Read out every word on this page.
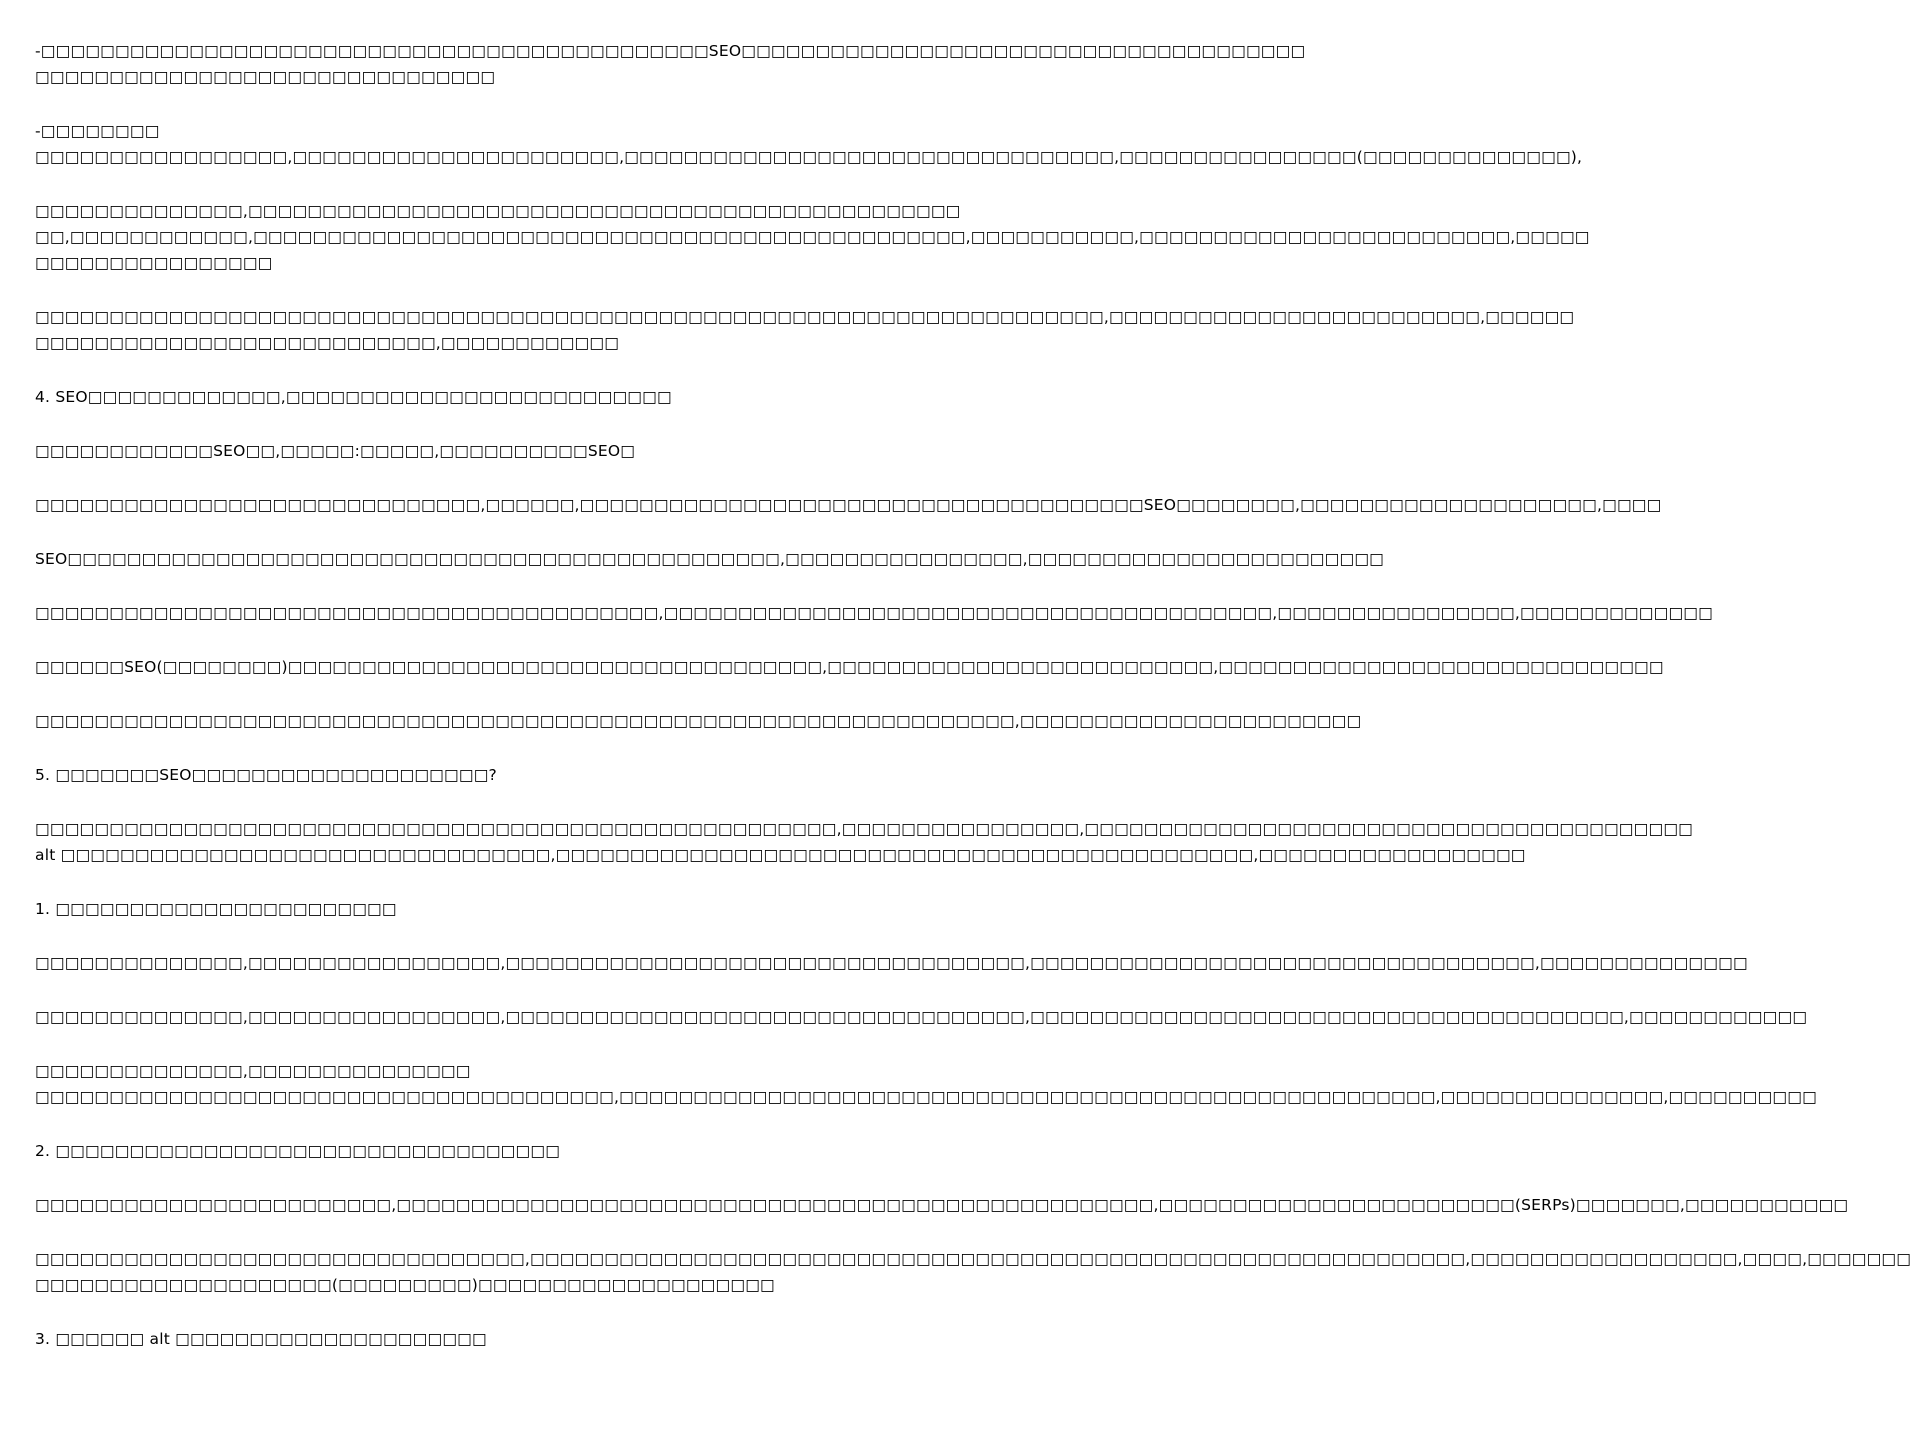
-□□□□□□□□□□□□□□□□□□□□□□□□□□□□□□□□□□□□□□□□□□□□□SEO□□□□□□□□□□□□□□□□□□□□□□□□□□□□□□□□□□□□□□
□□□□□□□□□□□□□□□□□□□□□□□□□□□□□□□
-□□□□□□□□
□□□□□□□□□□□□□□□□□,□□□□□□□□□□□□□□□□□□□□□□,□□□□□□□□□□□□□□□□□□□□□□□□□□□□□□□□□,□□□□□□□□□□□□□□□□(□□□□□□□□□□□□□□),
□□□□□□□□□□□□□□,□□□□□□□□□□□□□□□□□□□□□□□□□□□□□□□□□□□□□□□□□□□□□□□□
□□,□□□□□□□□□□□□,□□□□□□□□□□□□□□□□□□□□□□□□□□□□□□□□□□□□□□□□□□□□□□□□,□□□□□□□□□□□,□□□□□□□□□□□□□□□□□□□□□□□□□,□□□□□
□□□□□□□□□□□□□□□□
□□□□□□□□□□□□□□□□□□□□□□□□□□□□□□□□□□□□□□□□□□□□□□□□□□□□□□□□□□□□□□□□□□□□□□□□,□□□□□□□□□□□□□□□□□□□□□□□□□,□□□□□□
□□□□□□□□□□□□□□□□□□□□□□□□□□□,□□□□□□□□□□□□
4. SEO□□□□□□□□□□□□□,□□□□□□□□□□□□□□□□□□□□□□□□□□
□□□□□□□□□□□□SEO□□,□□□□□:□□□□□,□□□□□□□□□□SEO□
□□□□□□□□□□□□□□□□□□□□□□□□□□□□□□,□□□□□□,□□□□□□□□□□□□□□□□□□□□□□□□□□□□□□□□□□□□□□SEO□□□□□□□□,□□□□□□□□□□□□□□□□□□□□,□□□□
SEO□□□□□□□□□□□□□□□□□□□□□□□□□□□□□□□□□□□□□□□□□□□□□□□□,□□□□□□□□□□□□□□□□,□□□□□□□□□□□□□□□□□□□□□□□□
□□□□□□□□□□□□□□□□□□□□□□□□□□□□□□□□□□□□□□□□□□,□□□□□□□□□□□□□□□□□□□□□□□□□□□□□□□□□□□□□□□□□,□□□□□□□□□□□□□□□□,□□□□□□□□□□□□□
□□□□□□SEO(□□□□□□□□)□□□□□□□□□□□□□□□□□□□□□□□□□□□□□□□□□□□□,□□□□□□□□□□□□□□□□□□□□□□□□□□,□□□□□□□□□□□□□□□□□□□□□□□□□□□□□□
□□□□□□□□□□□□□□□□□□□□□□□□□□□□□□□□□□□□□□□□□□□□□□□□□□□□□□□□□□□□□□□□□□,□□□□□□□□□□□□□□□□□□□□□□□
5. □□□□□□□SEO□□□□□□□□□□□□□□□□□□□□?
□□□□□□□□□□□□□□□□□□□□□□□□□□□□□□□□□□□□□□□□□□□□□□□□□□□□□□,□□□□□□□□□□□□□□□□,□□□□□□□□□□□□□□□□□□□□□□□□□□□□□□□□□□□□□□□□□
alt □□□□□□□□□□□□□□□□□□□□□□□□□□□□□□□□□,□□□□□□□□□□□□□□□□□□□□□□□□□□□□□□□□□□□□□□□□□□□□□□□,□□□□□□□□□□□□□□□□□□
1. □□□□□□□□□□□□□□□□□□□□□□□
□□□□□□□□□□□□□□,□□□□□□□□□□□□□□□□□,□□□□□□□□□□□□□□□□□□□□□□□□□□□□□□□□□□□,□□□□□□□□□□□□□□□□□□□□□□□□□□□□□□□□□□,□□□□□□□□□□□□□□
□□□□□□□□□□□□□□,□□□□□□□□□□□□□□□□□,□□□□□□□□□□□□□□□□□□□□□□□□□□□□□□□□□□□,□□□□□□□□□□□□□□□□□□□□□□□□□□□□□□□□□□□□□□□□,□□□□□□□□□□□□
□□□□□□□□□□□□□□,□□□□□□□□□□□□□□□
□□□□□□□□□□□□□□□□□□□□□□□□□□□□□□□□□□□□□□□,□□□□□□□□□□□□□□□□□□□□□□□□□□□□□□□□□□□□□□□□□□□□□□□□□□□□□□□,□□□□□□□□□□□□□□□,□□□□□□□□□□
2. □□□□□□□□□□□□□□□□□□□□□□□□□□□□□□□□□□
□□□□□□□□□□□□□□□□□□□□□□□□,□□□□□□□□□□□□□□□□□□□□□□□□□□□□□□□□□□□□□□□□□□□□□□□□□□□,□□□□□□□□□□□□□□□□□□□□□□□□(SERPs)□□□□□□□,□□□□□□□□□□□
□□□□□□□□□□□□□□□□□□□□□□□□□□□□□□□□□,□□□□□□□□□□□□□□□□□□□□□□□□□□□□□□□□□□□□□□□□□□□□□□□□□□□□□□□□□□□□□□□,□□□□□□□□□□□□□□□□□□,□□□□,□□□□□□□
□□□□□□□□□□□□□□□□□□□□(□□□□□□□□□)□□□□□□□□□□□□□□□□□□□□
3. □□□□□□ alt □□□□□□□□□□□□□□□□□□□□□
